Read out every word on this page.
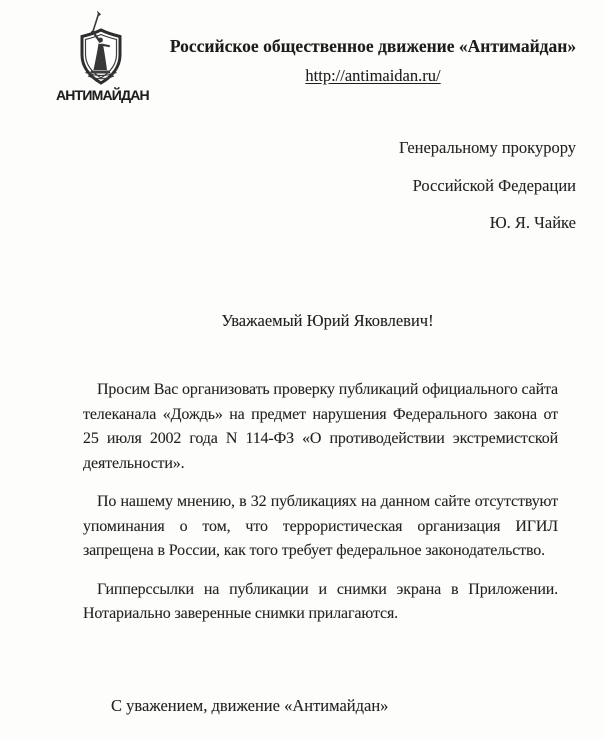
АНТИМАЙДАН
Российское общественное движение «Антимайдан»
http://antimaidan.ru/
Генеральному прокурору
Российской Федерации
Ю. Я. Чайке
Уважаемый Юрий Яковлевич!

Просим Вас организовать проверку публикаций официального сайта телеканала «Дождь» на предмет нарушения Федерального закона от 25 июля 2002 года N 114-ФЗ «О противодействии экстремистской деятельности».

По нашему мнению, в 32 публикациях на данном сайте отсутствуют упоминания о том, что террористическая организация ИГИЛ запрещена в России, как того требует федеральное законодательство.

Гипперссылки на публикации и снимки экрана в Приложении. Нотариально заверенные снимки прилагаются.

С уважением, движение «Антимайдан»
